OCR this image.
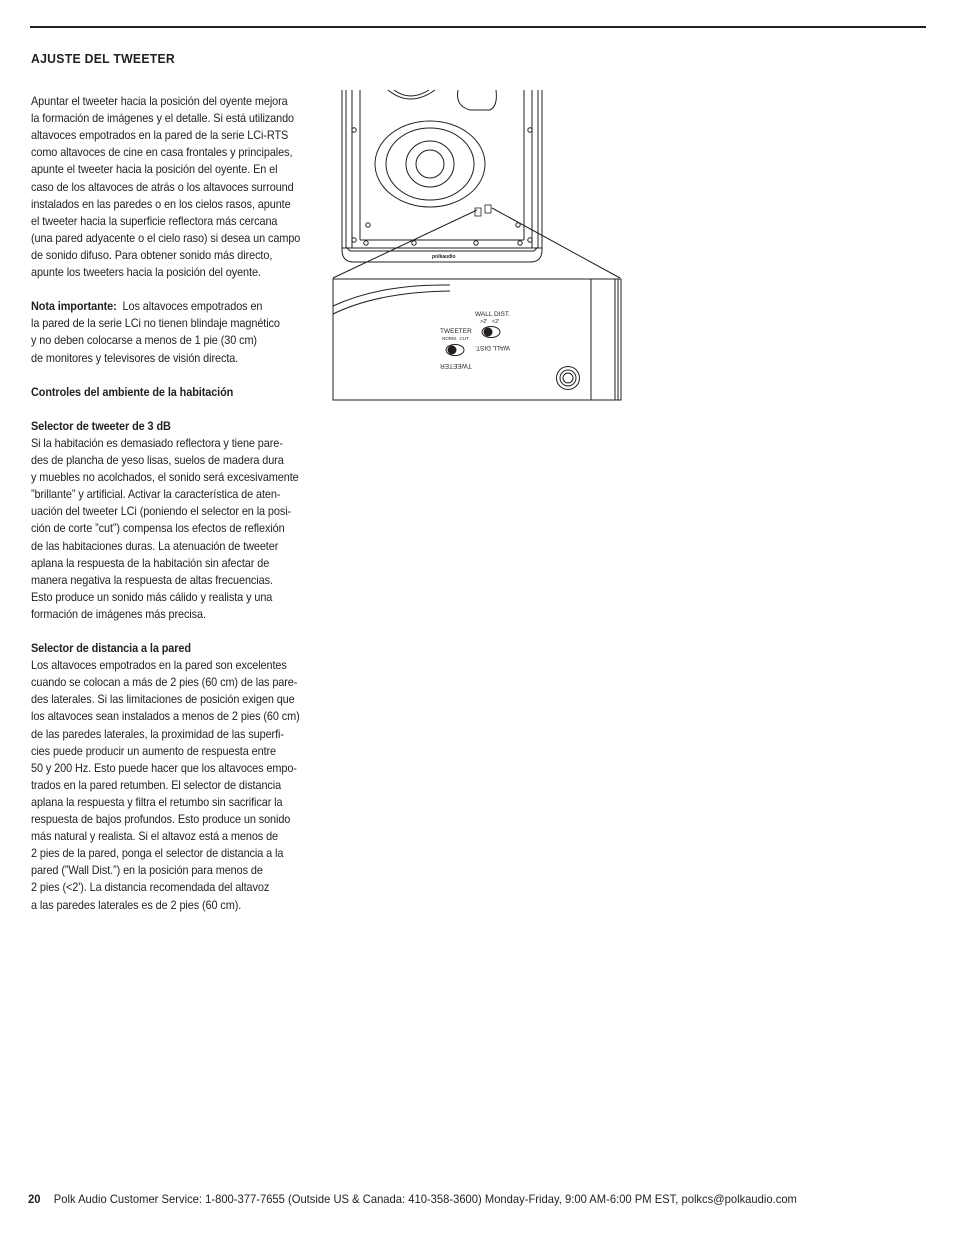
AJUSTE DEL TWEETER

Apuntar el tweeter hacia la posición del oyente mejora
la formación de imágenes y el detalle. Si está utilizando
altavoces empotrados en la pared de la serie LCi-RTS
como altavoces de cine en casa frontales y principales,
apunte el tweeter hacia la posición del oyente. En el
caso de los altavoces de atrás o los altavoces surround
instalados en las paredes o en los cielos rasos, apunte
el tweeter hacia la superficie reflectora más cercana
(una pared adyacente o el cielo raso) si desea un campo
de sonido difuso. Para obtener sonido más directo,
apunte los tweeters hacia la posición del oyente.
Nota importante: Los altavoces empotrados en
la pared de la serie LCi no tienen blindaje magnético
y no deben colocarse a menos de 1 pie (30 cm)
de monitores y televisores de visión directa.
Controles del ambiente de la habitación
Selector de tweeter de 3 dB
Si la habitación es demasiado reflectora y tiene pare-
des de plancha de yeso lisas, suelos de madera dura
y muebles no acolchados, el sonido será excesivamente
”brillante” y artificial. Activar la característica de aten-
uación del tweeter LCi (poniendo el selector en la posi-
ción de corte ”cut”) compensa los efectos de reflexión
de las habitaciones duras. La atenuación de tweeter
aplana la respuesta de la habitación sin afectar de
manera negativa la respuesta de altas frecuencias.
Esto produce un sonido más cálido y realista y una
formación de imágenes más precisa.
Selector de distancia a la pared
Los altavoces empotrados en la pared son excelentes
cuando se colocan a más de 2 pies (60 cm) de las pare-
des laterales. Si las limitaciones de posición exigen que
los altavoces sean instalados a menos de 2 pies (60 cm)
de las paredes laterales, la proximidad de las superfi-
cies puede producir un aumento de respuesta entre
50 y 200 Hz. Esto puede hacer que los altavoces empo-
trados en la pared retumben. El selector de distancia
aplana la respuesta y filtra el retumbo sin sacrificar la
respuesta de bajos profundos. Esto produce un sonido
más natural y realista. Si el altavoz está a menos de
2 pies de la pared, ponga el selector de distancia a la
pared (”Wall Dist.”) en la posición para menos de
2 pies (<2'). La distancia recomendada del altavoz
a las paredes laterales es de 2 pies (60 cm).
polkaudio
WALL DIST.
>2'   <2'
WALL DIST.
TWEETER
NORM.  CUT
TWEETER
20 Polk Audio Customer Service: 1-800-377-7655 (Outside US & Canada: 410-358-3600) Monday-Friday, 9:00 AM-6:00 PM EST, polkcs@polkaudio.com
